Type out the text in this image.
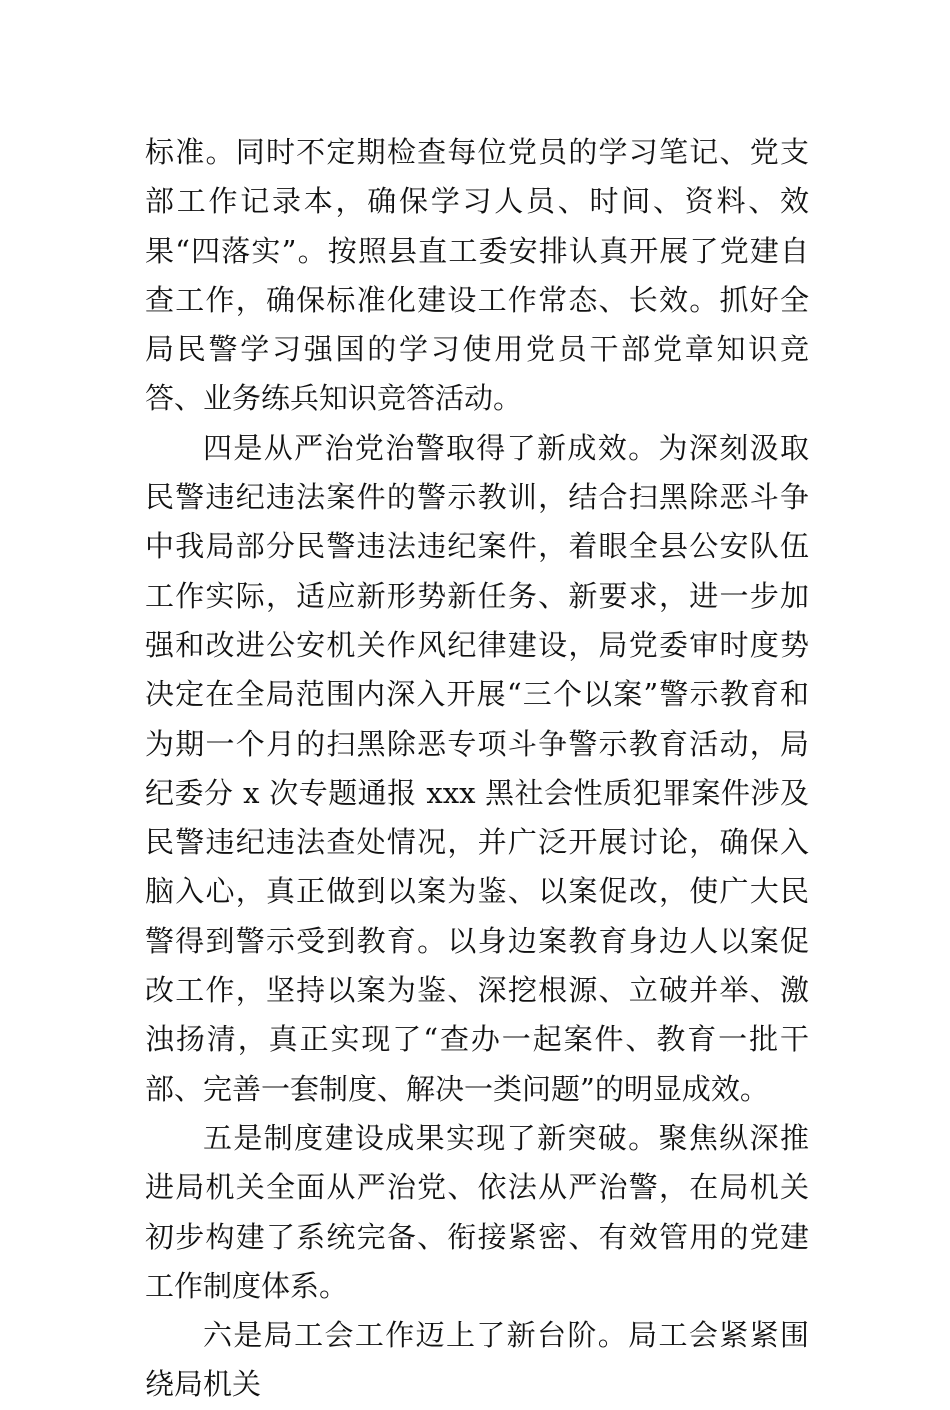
标准。同时不定期检查每位党员的学习笔记、党支部工作记录本，确保学习人员、时间、资料、效果“四落实”。按照县直工委安排认真开展了党建自查工作，确保标准化建设工作常态、长效。抓好全局民警学习强国的学习使用党员干部党章知识竞答、业务练兵知识竞答活动。

四是从严治党治警取得了新成效。为深刻汲取民警违纪违法案件的警示教训，结合扫黑除恶斗争中我局部分民警违法违纪案件，着眼全县公安队伍工作实际，适应新形势新任务、新要求，进一步加强和改进公安机关作风纪律建设，局党委审时度势决定在全局范围内深入开展“三个以案”警示教育和为期一个月的扫黑除恶专项斗争警示教育活动，局纪委分 x 次专题通报 xxx 黑社会性质犯罪案件涉及民警违纪违法查处情况，并广泛开展讨论，确保入脑入心，真正做到以案为鉴、以案促改，使广大民警得到警示受到教育。以身边案教育身边人以案促改工作，坚持以案为鉴、深挖根源、立破并举、激浊扬清，真正实现了“查办一起案件、教育一批干部、完善一套制度、解决一类问题”的明显成效。

五是制度建设成果实现了新突破。聚焦纵深推进局机关全面从严治党、依法从严治警，在局机关初步构建了系统完备、衔接紧密、有效管用的党建工作制度体系。

六是局工会工作迈上了新台阶。局工会紧紧围绕局机关
